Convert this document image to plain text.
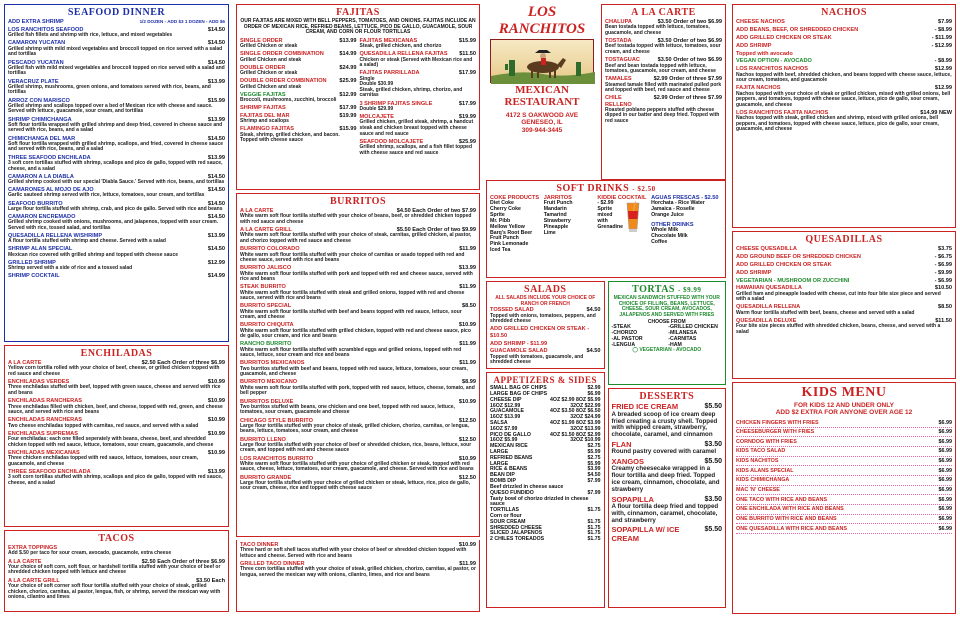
SEAFOOD DINNER
ADD EXTRA SHRIMP	1/2 DOZEN - ADD $3 1 DOZEN - ADD $6
LOS RANCHITOS SEAFOOD	$14.50
Grilled fish fillets and shrimp with rice, lettuce, and mixed vegetables
CAMARON YUCATAN	$14.50
Grilled shrimp with mild mixed vegetables and broccoli topped on rice served with a salad and tortillas
PESCADO YUCATAN	$14.50
Grilled fish with mild mixed vegetables and broccoli topped on rice served with a salad and tortillas
VERACRUZ PLATE	$13.99
Grilled shrimp, mushrooms, green onions, and tomatoes served with rice, beans, and tortillas
ARROZ CON MARISCO	$15.99
Grilled shrimp and scallops topped over a bed of Mexican rice with cheese and sauce. Served with lettuce, guacamole, sour cream, and tortillas
SHRIMP CHIMICHANGA	$13.99
Soft flour tortilla wrapped with grilled shrimp and deep fried, covered in cheese sauce and served with rice, beans, and a salad
CHIMICHANGA DEL MAR	$14.50
Soft flour tortilla wrapped with grilled shrimp, scallops, and fried, covered in cheese sauce and served with rice, beans, and a salad
THREE SEAFOOD ENCHILADA	$13.99
3 soft corn tortillas stuffed with shrimp, scallops and pico de gallo, topped with red sauce, cheese, and a salad
CAMARON A LA DIABLA	$14.50
Grilled shrimp cooked with our special 'Diabla Sauce.' Served with rice, beans, and tortillas
CAMARONES AL MOJO DE AJO	$14.50
Garlic sauteed shrimp served with rice, lettuce, tomatoes, sour cream, and tortillas
SEAFOOD BURRITO	$14.50
Large flour tortilla stuffed with shrimp, crab, and pico de gallo. Served with rice and beans
CAMARON ENCREMADO	$14.50
Grilled shrimp cooked with onions, mushrooms, and jalapenos, topped with sour cream. Served with rice, tossed salad, and tortillas
QUESADILLA RELLENA W/SHRIMP	$13.99
A flour tortilla stuffed with shrimp and cheese. Served with a salad
SHRIMP ALAN SPECIAL	$14.50
Mexican rice covered with grilled shrimp and topped with cheese sauce
GRILLED SHRIMP	$12.99
Shrimp served with a side of rice and a tossed salad
SHRIMP COCKTAIL	$14.99
ENCHILADAS
A LA CARTE	$2.50 Each Order of three $6.99
Yellow corn tortilla rolled with your choice of beef, cheese, or grilled chicken topped with red sauce and cheese
ENCHILADAS VERDES	$10.99
Three enchiladas stuffed with beef, topped with green sauce, cheese and served with rice and beans
ENCHILADAS RANCHERAS	$10.99
Three enchiladas filled with chicken, beef, and cheese, topped with red, green, and cheese sauce, and served with rice and beans
ENCHILADAS RANCHERAS	$10.99
Two cheese enchiladas topped with carnitas, red sauce, and served with a salad
ENCHILADAS SUPREMAS	$10.99
Four enchiladas: each one filled seperately with beans, cheese, beef, and shredded chicken topped with red sauce, lettuce, tomatoes, sour cream, guacamole, and cheese
ENCHILADAS MEXICANAS	$10.99
Three chicken enchiladas topped with red sauce, lettuce, tomatoes, sour cream, guacamole, and cheese
THREE SEAFOOD ENCHILADA	$13.99
3 soft corn tortillas stuffed with shrimp, scallops and pico de gallo, topped with red sauce, cheese, and a salad
TACOS
EXTRA TOPPINGS
Add $.50 per taco for sour cream, avocado, guacamole, extra cheese
A LA CARTE	$2.50 Each Order of three $6.99
Your choice of soft corn, soft flour, or hardshell tortilla stuffed with your choice of beef or shredded chicken topped with lettuce and cheese
A LA CARTE GRILL	$3.50 Each
Your choice of soft corner soft flour tortilla stuffed with your choice of steak, grilled chicken, chorizo, carnitas, al pastor, lengua, fish, or shrimp, served the mexican way with onions, cilantro and limes
FAJITAS
OUR FAJITAS ARE MIXED WITH BELL PEPPERS, TOMATOES, AND ONIONS. FAJITAS INCLUDE AN ORDER OF MEXICAN RICE, REFRIED BEANS, LETTUCE, PICO DE GALLO, GUACAMOLE, SOUR CREAM, AND CORN OR FLOUR TORTILLAS
SINGLE ORDER	$13.99
Grilled Chicken or steak
SINGLE ORDER COMBINATION	$14.99
Grilled Chicken and steak
DOUBLE ORDER	$24.99
Grilled Chicken or steak
DOUBLE ORDER COMBINATION $25.99
Grilled Chicken and steak
VEGGIE FAJITAS	$12.99
Broccoli, mushrooms, zucchini, broccoli
SHRIMP FAJITAS	$17.99
FAJITAS DEL MAR	$19.99
Shrimp and scallops
FLAMINGO FAJITAS	$15.99
Steak, shrimp, grilled chicken, and bacon. Topped with cheese sauce
FAJITAS MEXICANAS	$15.99
Steak, grilled chicken, and chorizo
QUESADILLA RELLENA FAJITAS $11.50
Chicken or steak (Served with Mexican rice and a salad)
FAJITAS PARRILLADA	$17.99
Single
Double $30.99
Steak, grilled chicken, shrimp, chorizo, and carnitas
3 SHRIMP FAJITAS SINGLE	$17.99
Double $29.99
MOLCAJETE	$19.99
Grilled chicken, grilled steak, shrimp, a handcut steak and chicken breast topped with cheese sauce and red sauce
SEAFOOD MOLCAJETE	$25.99
Grilled shrimp, scallops, and a fish fillet topped with cheese sauce and red sauce
BURRITOS
A LA CARTE	$4.50 Each Order of two $7.99
White warm soft flour tortilla stuffed with your choice of beans, beef, or shredded chicken topped with red sauce and cheese
A LA CARTE GRILL	$5.50 Each Order of two $9.99
White warm soft flour tortilla stuffed with your choice of steak, carnitas, grilled chicken, al pastor, and chorizo topped with red sauce and cheese
BURRITO COLORADO	$11.99
White warm soft flour tortilla stuffed with your choice of carnitas or asado topped with red and cheese sauce, served with rice and beans
BURRITO JALISCO	$13.99
White warm soft flour tortilla stuffed with pork and topped with red and cheese sauce, served with rice and beans
STEAK BURRITO	$11.99
White warm soft flour tortilla stuffed with steak and grilled onions, topped with red and cheese sauce, served with rice and beans
BURRITO SPECIAL	$8.50
White warm soft flour tortilla stuffed with beef and beans topped with red sauce, lettuce, sour cream, and cheese
BURRITO CHIQUITA	$10.99
White warm soft flour tortilla stuffed with grilled chicken, topped with red and cheese sauce, pico de gallo, sour cream, and rice and beans
RANCHO BURRITO	$11.99
White warm soft flour tortilla stuffed with scrambled eggs and grilled onions, topped with red sauce, lettuce, sour cream and rice and beans
BURRITOS MEXICANOS	$11.99
Two burritos stuffed with beef and beans, topped with red sauce, lettuce, tomatoes, sour cream, guacamole, and cheese
BURRITO MEXICANO	$8.99
White warm soft flour tortilla stuffed with pork, topped with red sauce, lettuce, cheese, tomato, and bell pepper
BURRITOS DELUXE	$10.99
Two burritos stuffed with beans, one chicken and one beef, topped with red sauce, lettuce, tomatoes, sour cream, guacamole and cheese
CHICAGO STYLE BURRITO	$12.50
Large flour tortilla stuffed with your choice of steak, grilled chicken, chorizo, carnitas, or lengua, beans, lettuce, tomatoes, sour cream, and cheese
BURRITO LLENO	$12.50
Large flour tortilla stuffed with your choice of beef or shredded chicken, rice, beans, lettuce, sour cream, and topped with red and cheese sauce
LOS RANCHITOS BURRITO	$10.99
White warm soft flour tortilla stuffed with your choice of grilled chicken or steak, topped with red sauce, cheese, lettuce, tomatoes, sour cream, guacamole, and cheese. Served with rice and beans
BURRITO GRANDE	$12.50
Large flour tortilla stuffed with your choice of grilled chicken or steak, lettuce, rice, pico de gallo, sour cream, cheese, rice and topped with cheese sauce
TACO DINNER	$10.99
Three hard or soft shell tacos stuffed with your choice of beef or shredded chicken topped with lettuce and cheese. Served with rice and beans
GRILLED TACO DINNER	$11.99
Three corn tortillas stuffed with your choice of steak, grilled chicken, chorizo, carnitas, al pastor, or lengua, served the mexican way with onions, cilantro, limes, and rice and beans
LOS RANCHITOS
MEXICAN
RESTAURANT
4172 S OAKWOOD AVE
GENESEO, IL
309-944-3445
A LA CARTE
CHALUPA	$3.50 Order of two $6.99
Bean tostada topped with lettuce, tomatoes, guacamole, and cheese
TOSTADA	$3.50 Order of two $6.99
Beef tostada topped with lettuce, tomatoes, sour cream, and cheese
TOSTAGUAC	$3.50 Order of two $6.99
Beef and bean tostada topped with lettuce, tomatoes, guacamole, sour cream, and cheese
TAMALES	$2.99 Order of three $7.99
Steamed tamale filled with marinated pulled pork and topped with beef, red sauce and cheese
CHILE RELLENO
$2.99 Order of three $7.99
Roasted poblano peppers stuffed with cheese dipped in our batter and deep fried. Topped with red sauce
SOFT DRINKS - $2.50
COKE PRODUCTS
Diet Coke
Cherry Coke
Sprite
Mr. Pibb
Mellow Yellow
Barq's Root Beer
Fruit Punch
Pink Lemonade
Iced Tea
JARRITOS
Fruit Punch
Mandarin
Tamarind
Strawberry
Pineapple
Lime
KIDDIE COCKTAIL
- $2.99
Sprite
mixed
with
Grenadine
AGUAS FRESCAS - $2.50
Horchata - Rice Water
Jamaica - Roselle
Orange Juice
OTHER DRINKS
Whole Milk
Chocolate Milk
Coffee
SALADS
ALL SALADS INCLUDE YOUR CHOICE OF RANCH OR FRENCH
TOSSED SALAD	$4.50
Topped with onions, tomatoes, peppers, and shredded cheese
ADD GRILLED CHICKEN OR STEAK - $10.50
ADD SHRIMP - $11.99
GUACAMOLE SALAD	$4.50
Topped with tomatoes, guacamole, and shredded cheese
APPETIZERS & SIDES
SMALL BAG OF CHIPS	$2.99
LARGE BAG OF CHIPS	$6.99
CHEESE DIP	4OZ $2.99 8OZ $5.99
16OZ $12.99	32OZ $22.99
GUACAMOLE	4OZ $3.50 8OZ $6.50
16OZ $13.99	32OZ $24.99
SALSA	4OZ $1.99 8OZ $3.99
16OZ $7.99	32OZ $13.99
PICO DE GALLO	4OZ $1.50 8OZ $2.99
16OZ $5.99	32OZ $10.99
MEXICAN RICE	$2.75
LARGE	$5.99
REFRIED BEANS	$2.75
LARGE	$5.99
RICE & BEANS	$3.99
BEAN DIP	$4.50
BOMB DIP	$7.99
Beef drizzled in cheese sauce
QUESO FUNDIDO	$7.99
Tasty bowl of chorizo drizzled in cheese sauce
TORTILLAS	$1.75
Corn or flour
SOUR CREAM	$1.75
SHREDDED CHEESE	$1.75
SLICED JALAPENOS	$1.75
2 CHILES TOREADOS	$1.75
TORTAS - $9.99
MEXICAN SANDWICH STUFFED WITH YOUR CHOICE OF FILLING, BEANS, LETTUCE, CHEESE, SOUR CREAM, AVOCADOS, JALAPENOS AND SERVED WITH FRIES
CHOOSE FROM
-STEAK
-CHORIZO
-AL PASTOR
-LENGUA
-GRILLED CHICKEN
-MILANESA
-CARNITAS
-HAM
◯ VEGETARIAN - AVOCADO
DESSERTS
FRIED ICE CREAM	$5.50
A breaded scoop of ice cream deep fried creating a crusty shell. Topped with whipped cream, strawberry, chocolate, caramel, and cinnamon
FLAN	$3.50
Round pastry covered with caramel
XANGOS	$5.50
Creamy cheesecake wrapped in a flour tortilla and deep fried. Topped ice cream, cinnamon, chocolate, and strawberry
SOPAPILLA	$3.50
A flour tortilla deep fried and topped with, cinnamon, caramel, chocolate, and strawberry
SOPAPILLA W/ ICE CREAM
$5.50
NACHOS
CHEESE NACHOS	$7.99
ADD BEANS, BEEF, OR SHREDDED CHICKEN	- $8.99
ADD GRILLED CHICKEN OR STEAK	- $11.99
ADD SHRIMP	- $12.99
Topped with avocado
VEGAN OPTION - AVOCADO	- $8.99
LOS RANCHITOS NACHOS	$12.99
Nachos topped with beef, shredded chicken, and beans topped with cheese sauce, lettuce, sour cream, tomatoes, and guacamole
FAJITA NACHOS	$12.99
Nachos topped with your choice of steak or grilled chicken, mixed with grilled onions, bell peppers, and tomatoes, topped with cheese sauce, lettuce, pico de gallo, sour cream, guacamole, and cheese
LOS RANCHITOS FAJITA NACHOS	$14.99 NEW
Nachos topped with steak, grilled chicken and shrimp, mixed with grilled onions, bell peppers, and tomatoes, topped with cheese sauce, lettuce, pico de gallo, sour cream, guacamole, and cheese
QUESADILLAS
CHEESE QUESADILLA	$3.75
ADD GROUND BEEF OR SHREDDED CHICKEN	- $6.75
ADD GRILLED CHICKEN OR STEAK	- $6.99
ADD SHRIMP	- $9.99
VEGETARIAN - MUSHROOM OR ZUCCHINI	- $6.99
HAWAIIAN QUESADILLA	$10.50
Grilled ham and pineapple loaded with cheese, cut into four bite size piece and served with a salad
QUESADILLA RELLENA	$8.50
Warm flour tortilla stuffed with beef, beans, cheese and served with a salad
QUESADILLA DELUXE	$11.50
Four bite size pieces stuffed with shredded chicken, beans, cheese, and served with a salad
KIDS MENU
FOR KIDS 12 AND UNDER ONLY
ADD $2 EXTRA FOR ANYONE OVER AGE 12
CHICKEN FINGERS WITH FRIES	$6.99
CHEESEBURGER WITH FRIES	$6.99
CORNDOG WITH FRIES	$6.99
KIDS TACO SALAD	$6.99
KIDS NACHITOS	$6.99
KIDS ALANS SPECIAL	$6.99
KIDS CHIMICHANGA	$6.99
MAC 'N' CHEESE	$6.99
ONE TACO WITH RICE AND BEANS	$6.99
ONE ENCHILADA WITH RICE AND BEANS	$6.99
ONE BURRITO WITH RICE AND BEANS	$6.99
ONE QUESADILLA WITH RICE AND BEANS	$6.99
